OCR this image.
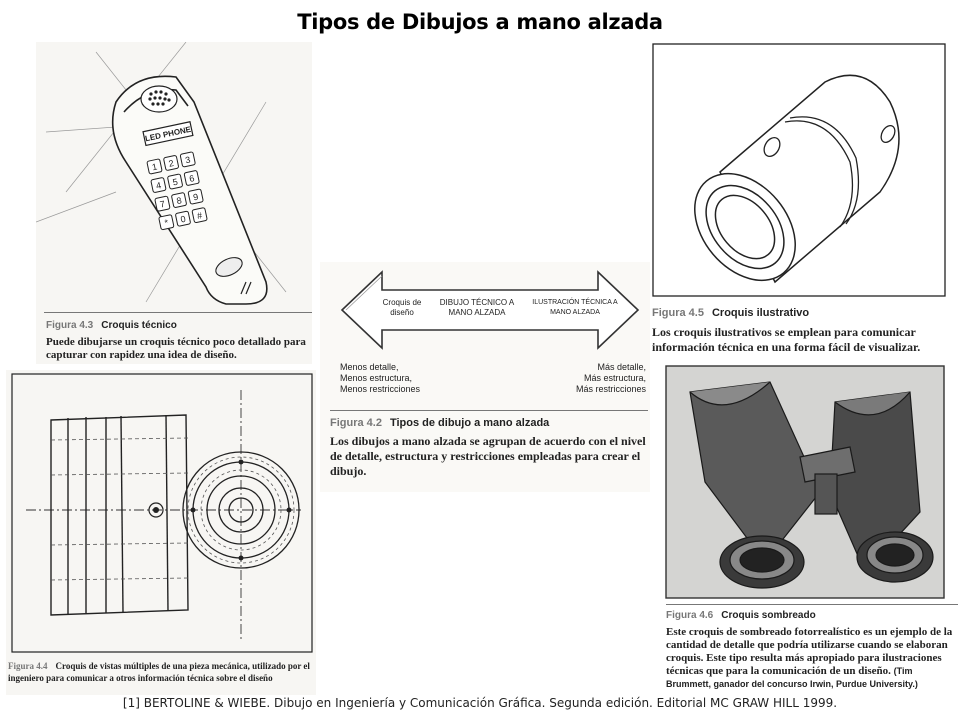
Tipos de Dibujos a mano alzada
LED PHONE
1 2 3
4 5 6
7 8 9
* 0 #
Figura 4.3 Croquis técnico
Puede dibujarse un croquis técnico poco detallado para capturar con rapidez una idea de diseño.
Figura 4.4 Croquis de vistas múltiples de una pieza mecánica, utilizado por el ingeniero para comunicar a otros información técnica sobre el diseño
Croquis de diseño
DIBUJO TÉCNICO A MANO ALZADA
ILUSTRACIÓN TÉCNICA A MANO ALZADA
Menos detalle,
Menos estructura,
Menos restricciones
Más detalle,
Más estructura,
Más restricciones
Figura 4.2 Tipos de dibujo a mano alzada
Los dibujos a mano alzada se agrupan de acuerdo con el nivel de detalle, estructura y restricciones empleadas para crear el dibujo.
Figura 4.5 Croquis ilustrativo
Los croquis ilustrativos se emplean para comunicar información técnica en una forma fácil de visualizar.
Figura 4.6 Croquis sombreado
Este croquis de sombreado fotorrealístico es un ejemplo de la cantidad de detalle que podría utilizarse cuando se elaboran croquis. Este tipo resulta más apropiado para ilustraciones técnicas que para la comunicación de un diseño. (Tim Brummett, ganador del concurso Irwin, Purdue University.)
[1] BERTOLINE & WIEBE. Dibujo en Ingeniería y Comunicación Gráfica. Segunda edición. Editorial MC GRAW HILL 1999.
